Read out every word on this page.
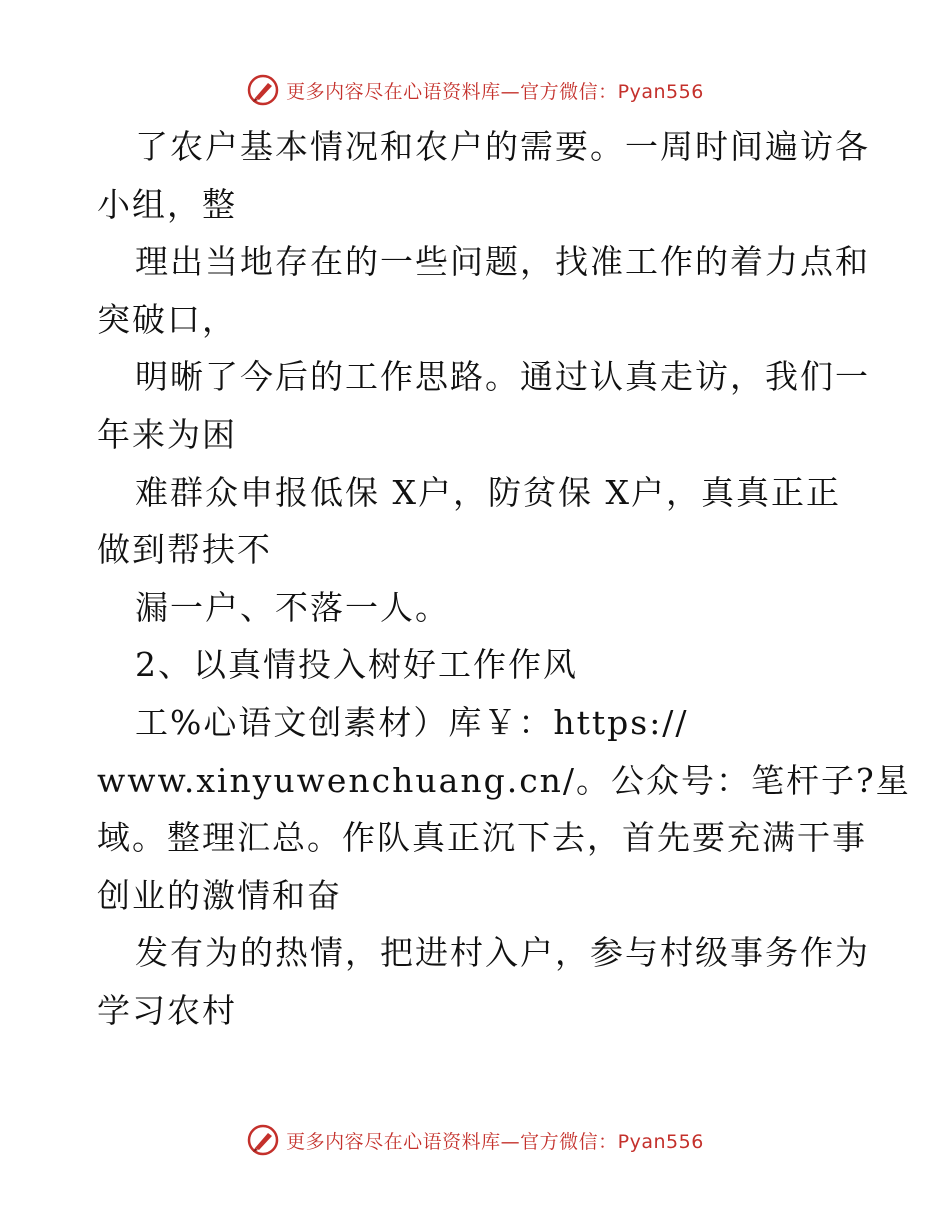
更多内容尽在心语资料库—官方微信：Pyan556
了农户基本情况和农户的需要。一周时间遍访各
小组，整
理出当地存在的一些问题，找准工作的着力点和
突破口，
明晰了今后的工作思路。通过认真走访，我们一
年来为困
难群众申报低保 X户，防贫保 X户，真真正正
做到帮扶不
漏一户、不落一人。
2、以真情投入树好工作作风
工%心语文创素材）库￥：https://
www.xinyuwenchuang.cn/。公众号：笔杆子?星
域。整理汇总。作队真正沉下去，首先要充满干事
创业的激情和奋
发有为的热情，把进村入户，参与村级事务作为
学习农村
更多内容尽在心语资料库—官方微信：Pyan556
